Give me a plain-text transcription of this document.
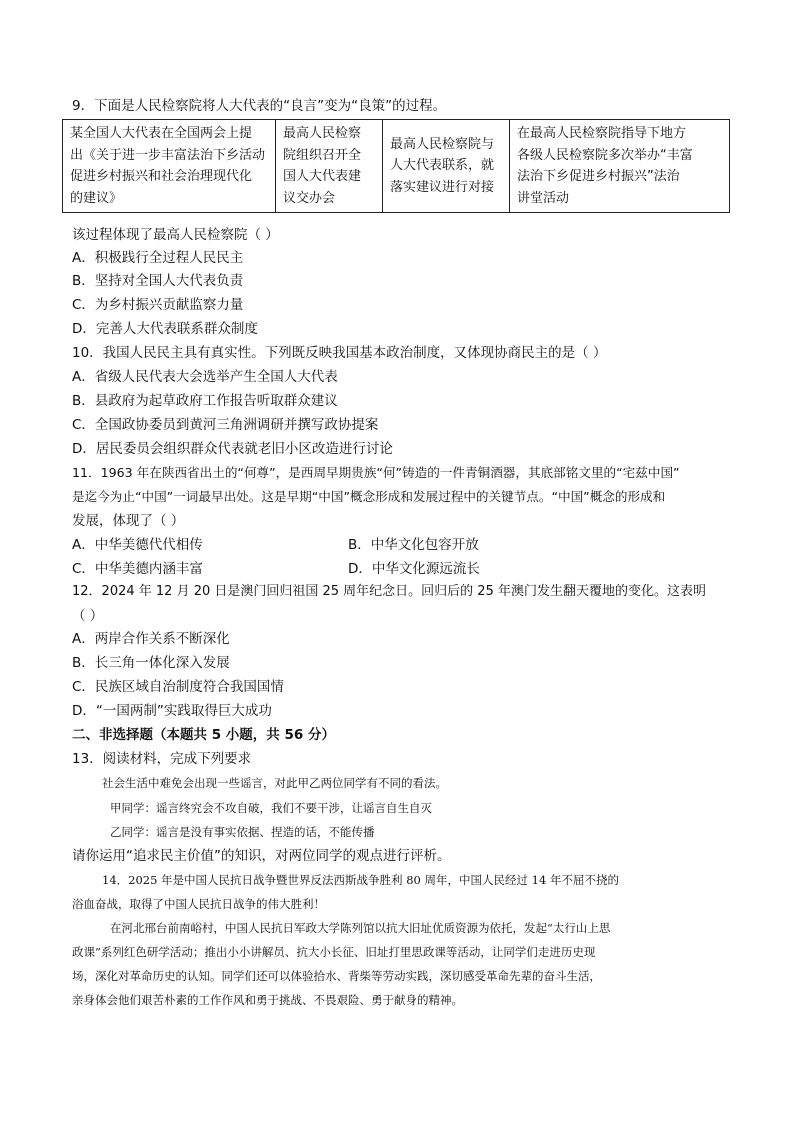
9．下面是人民检察院将人大代表的“良言”变为“良策”的过程。
某全国人大代表在全国两会上提
出《关于进一步丰富法治下乡活动
促进乡村振兴和社会治理现代化
的建议》

最高人民检察
院组织召开全
国人大代表建
议交办会

最高人民检察院与
人大代表联系，就
落实建议进行对接

在最高人民检察院指导下地方
各级人民检察院多次举办“丰富
法治下乡促进乡村振兴”法治
讲堂活动
该过程体现了最高人民检察院（ ）
A．积极践行全过程人民民主
B．坚持对全国人大代表负责
C．为乡村振兴贡献监察力量
D．完善人大代表联系群众制度
10．我国人民民主具有真实性。下列既反映我国基本政治制度，又体现协商民主的是（ ）
A．省级人民代表大会选举产生全国人大代表
B．县政府为起草政府工作报告听取群众建议
C．全国政协委员到黄河三角洲调研并撰写政协提案
D．居民委员会组织群众代表就老旧小区改造进行讨论
11．1963 年在陕西省出土的“何尊”，是西周早期贵族“何”铸造的一件青铜酒器，其底部铭文里的“宅兹中国”
是迄今为止“中国”一词最早出处。这是早期“中国”概念形成和发展过程中的关键节点。“中国”概念的形成和
发展，体现了（ ）
A．中华美德代代相传	B．中华文化包容开放
C．中华美德内涵丰富	D．中华文化源远流长
12．2024 年 12 月 20 日是澳门回归祖国 25 周年纪念日。回归后的 25 年澳门发生翻天覆地的变化。这表明
（ ）
A．两岸合作关系不断深化
B．长三角一体化深入发展
C．民族区域自治制度符合我国国情
D．“一国两制”实践取得巨大成功
二、非选择题（本题共 5 小题，共 56 分）
13．阅读材料，完成下列要求
社会生活中难免会出现一些谣言，对此甲乙两位同学有不同的看法。
甲同学：谣言终究会不攻自破，我们不要干涉，让谣言自生自灭
乙同学：谣言是没有事实依据、捏造的话，不能传播
请你运用“追求民主价值”的知识，对两位同学的观点进行评析。
14．2025 年是中国人民抗日战争暨世界反法西斯战争胜利 80 周年，中国人民经过 14 年不屈不挠的
浴血奋战，取得了中国人民抗日战争的伟大胜利！
在河北邢台前南峪村，中国人民抗日军政大学陈列馆以抗大旧址优质资源为依托，发起“太行山上思
政课”系列红色研学活动；推出小小讲解员、抗大小长征、旧址打里思政课等活动，让同学们走进历史现
场，深化对革命历史的认知。同学们还可以体验拾水、背柴等劳动实践，深切感受革命先辈的奋斗生活，
亲身体会他们艰苦朴素的工作作风和勇于挑战、不畏艰险、勇于献身的精神。
